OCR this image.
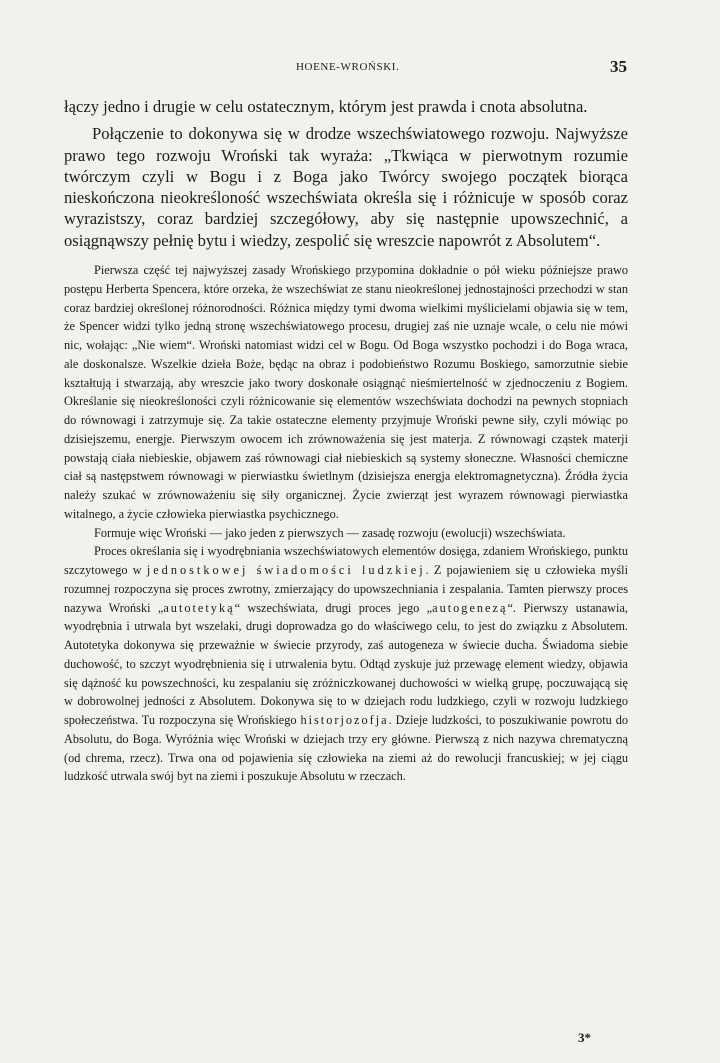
HOENE-WROŃSKI.	35

łączy jedno i drugie w celu ostatecznym, którym jest prawda i cnota absolutna.

Połączenie to dokonywa się w drodze wszechświatowego rozwoju. Najwyższe prawo tego rozwoju Wroński tak wyraża: „Tkwiąca w pierwotnym rozumie twórczym czyli w Bogu i z Boga jako Twórcy swojego początek biorąca nieskończona nieokreśloność wszechświata określa się i różnicuje w sposób coraz wyrazistszy, coraz bardziej szczegółowy, aby się następnie upowszechnić, a osiągnąwszy pełnię bytu i wiedzy, zespolić się wreszcie napowrót z Absolutem“.

Pierwsza część tej najwyższej zasady Wrońskiego przypomina dokładnie o pół wieku późniejsze prawo postępu Herberta Spencera, które orzeka, że wszechświat ze stanu nieokreślonej jednostajności przechodzi w stan coraz bardziej określonej różnorodności. Różnica między tymi dwoma wielkimi myślicielami objawia się w tem, że Spencer widzi tylko jedną stronę wszechświatowego procesu, drugiej zaś nie uznaje wcale, o celu nie mówi nic, wołając: „Nie wiem“. Wroński natomiast widzi cel w Bogu. Od Boga wszystko pochodzi i do Boga wraca, ale doskonalsze. Wszelkie dzieła Boże, będąc na obraz i podobieństwo Rozumu Boskiego, samorzutnie siebie kształtują i stwarzają, aby wreszcie jako twory doskonałe osiągnąć nieśmiertelność w zjednoczeniu z Bogiem. Określanie się nieokreśloności czyli różnicowanie się elementów wszechświata dochodzi na pewnych stopniach do równowagi i zatrzymuje się. Za takie ostateczne elementy przyjmuje Wroński pewne siły, czyli mówiąc po dzisiejszemu, energje. Pierwszym owocem ich zrównoważenia się jest materja. Z równowagi cząstek materji powstają ciała niebieskie, objawem zaś równowagi ciał niebieskich są systemy słoneczne. Własności chemiczne ciał są następstwem równowagi w pierwiastku świetlnym (dzisiejsza energja elektromagnetyczna). Źródła życia należy szukać w zrównoważeniu się siły organicznej. Życie zwierząt jest wyrazem równowagi pierwiastka witalnego, a życie człowieka pierwiastka psychicznego.

Formuje więc Wroński — jako jeden z pierwszych — zasadę rozwoju (ewolucji) wszechświata.

Proces określania się i wyodrębniania wszechświatowych elementów dosięga, zdaniem Wrońskiego, punktu szczytowego w jednostkowej świadomości ludzkiej. Z pojawieniem się u człowieka myśli rozumnej rozpoczyna się proces zwrotny, zmierzający do upowszechniania i zespalania. Tamten pierwszy proces nazywa Wroński „autotetyką“ wszechświata, drugi proces jego „autogenezą“. Pierwszy ustanawia, wyodrębnia i utrwala byt wszelaki, drugi doprowadza go do właściwego celu, to jest do związku z Absolutem. Autotetyka dokonywa się przeważnie w świecie przyrody, zaś autogeneza w świecie ducha. Świadoma siebie duchowość, to szczyt wyodrębnienia się i utrwalenia bytu. Odtąd zyskuje już przewagę element wiedzy, objawia się dążność ku powszechności, ku zespalaniu się zróżniczkowanej duchowości w wielką grupę, poczuwającą się w dobrowolnej jedności z Absolutem. Dokonywa się to w dziejach rodu ludzkiego, czyli w rozwoju ludzkiego społeczeństwa. Tu rozpoczyna się Wrońskiego historjozofja. Dzieje ludzkości, to poszukiwanie powrotu do Absolutu, do Boga. Wyróżnia więc Wroński w dziejach trzy ery główne. Pierwszą z nich nazywa chrematyczną (od chrema, rzecz). Trwa ona od pojawienia się człowieka na ziemi aż do rewolucji francuskiej; w jej ciągu ludzkość utrwala swój byt na ziemi i poszukuje Absolutu w rzeczach.

3*
